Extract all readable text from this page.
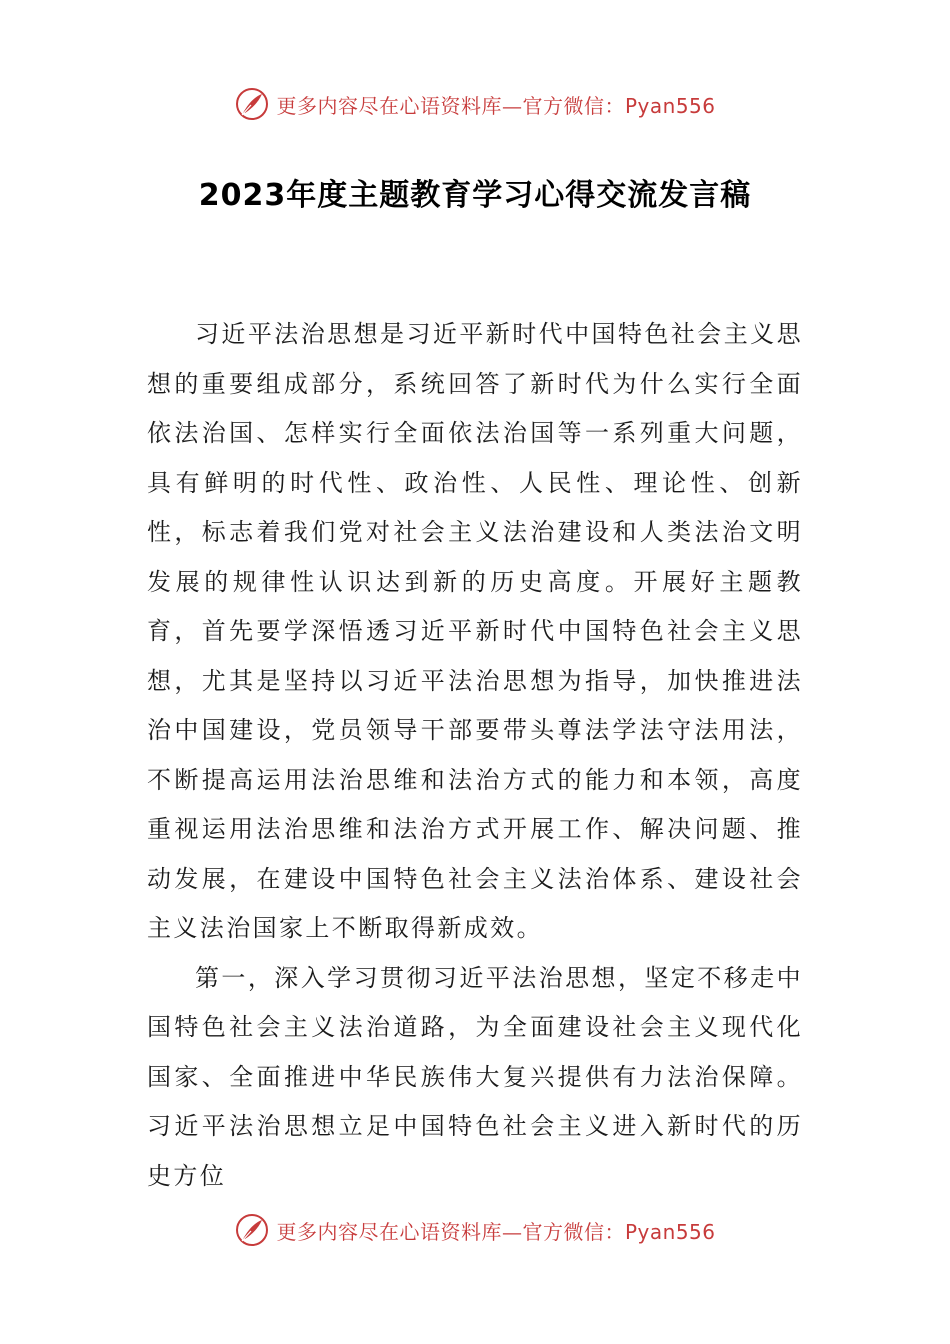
更多内容尽在心语资料库—官方微信：Pyan556
2023年度主题教育学习心得交流发言稿

习近平法治思想是习近平新时代中国特色社会主义思想的重要组成部分，系统回答了新时代为什么实行全面依法治国、怎样实行全面依法治国等一系列重大问题，具有鲜明的时代性、政治性、人民性、理论性、创新性，标志着我们党对社会主义法治建设和人类法治文明发展的规律性认识达到新的历史高度。开展好主题教育，首先要学深悟透习近平新时代中国特色社会主义思想，尤其是坚持以习近平法治思想为指导，加快推进法治中国建设，党员领导干部要带头尊法学法守法用法，不断提高运用法治思维和法治方式的能力和本领，高度重视运用法治思维和法治方式开展工作、解决问题、推动发展，在建设中国特色社会主义法治体系、建设社会主义法治国家上不断取得新成效。

第一，深入学习贯彻习近平法治思想，坚定不移走中国特色社会主义法治道路，为全面建设社会主义现代化国家、全面推进中华民族伟大复兴提供有力法治保障。习近平法治思想立足中国特色社会主义进入新时代的历史方位

更多内容尽在心语资料库—官方微信：Pyan556
